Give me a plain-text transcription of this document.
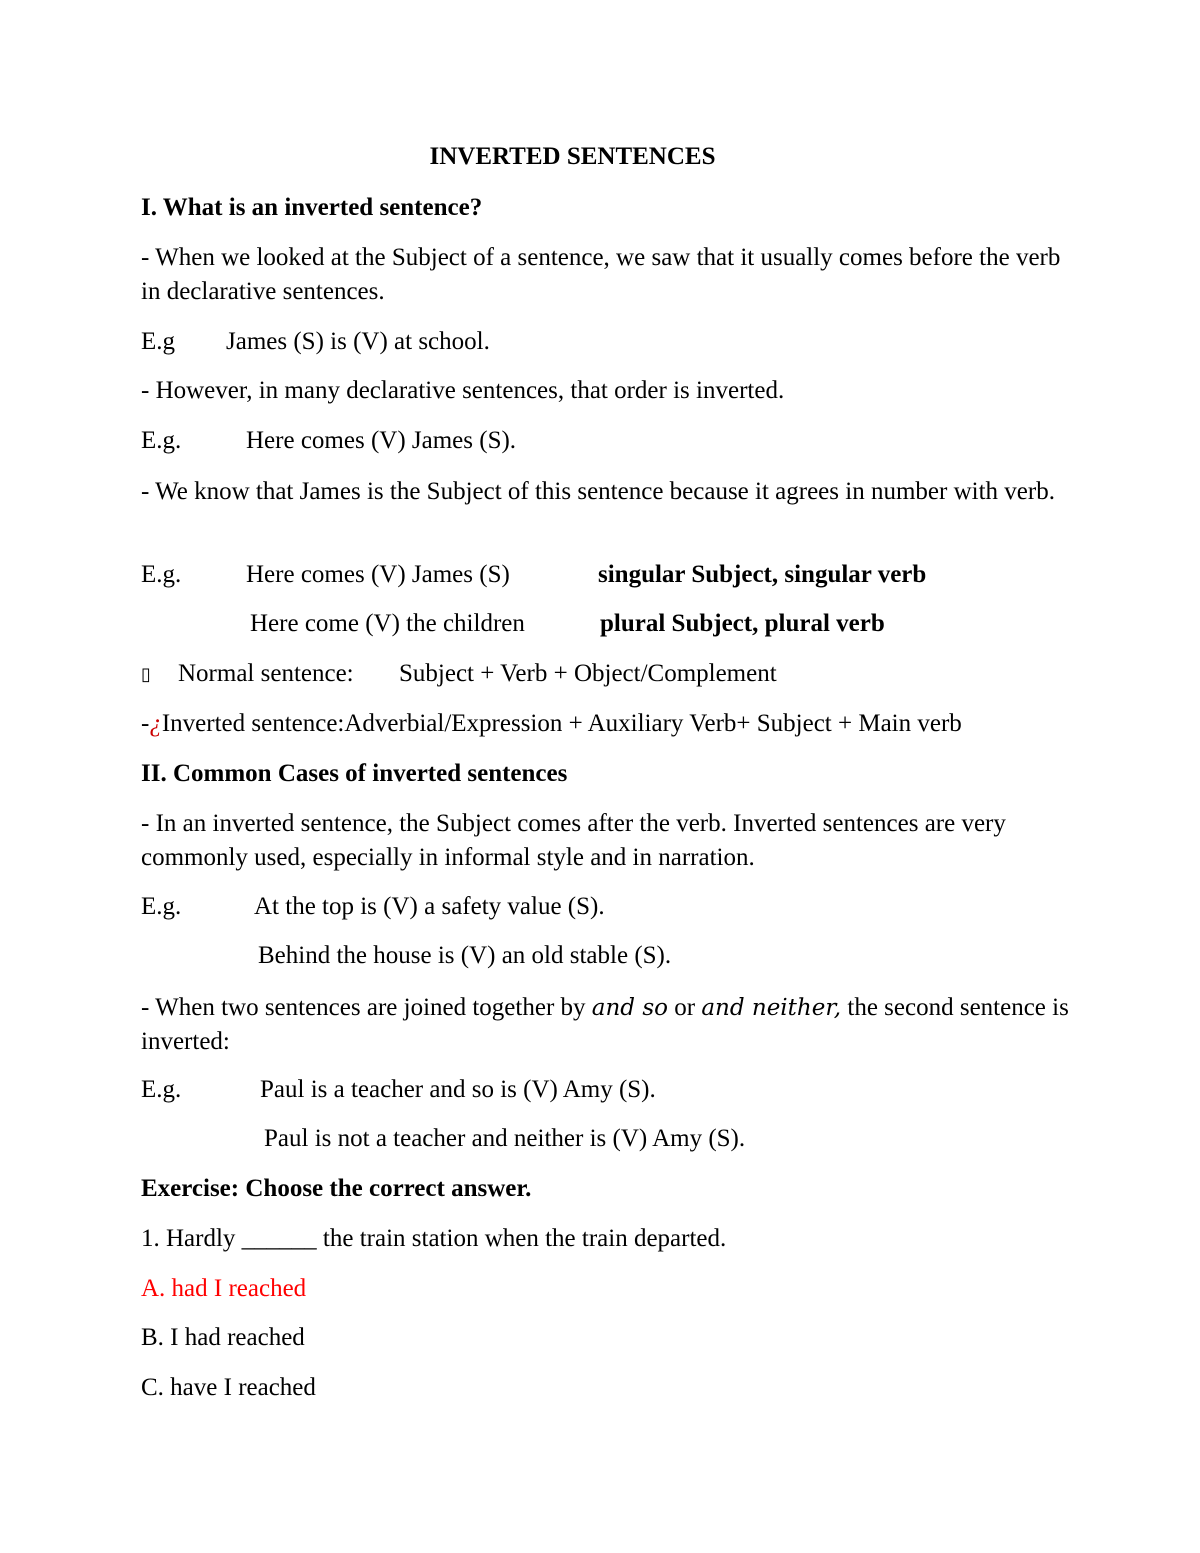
INVERTED SENTENCES
I. What is an inverted sentence?
- When we looked at the Subject of a sentence, we saw that it usually comes before the verb in declarative sentences.
E.g James (S) is (V) at school.
- However, in many declarative sentences, that order is inverted.
E.g.	Here comes (V) James (S).
- We know that James is the Subject of this sentence because it agrees in number with verb.
E.g.	Here comes (V) James (S)	singular Subject, singular verb
Here come (V) the children	plural Subject, plural verb
▯ Normal sentence: Subject + Verb + Object/Complement
-¿Inverted sentence:Adverbial/Expression + Auxiliary Verb+ Subject + Main verb
II. Common Cases of inverted sentences
- In an inverted sentence, the Subject comes after the verb. Inverted sentences are very commonly used, especially in informal style and in narration.
E.g.	At the top is (V) a safety value (S).
Behind the house is (V) an old stable (S).
- When two sentences are joined together by and so or and neither, the second sentence is inverted:
E.g.	Paul is a teacher and so is (V) Amy (S).
Paul is not a teacher and neither is (V) Amy (S).
Exercise: Choose the correct answer.
1. Hardly ______ the train station when the train departed.
A. had I reached
B. I had reached
C. have I reached
